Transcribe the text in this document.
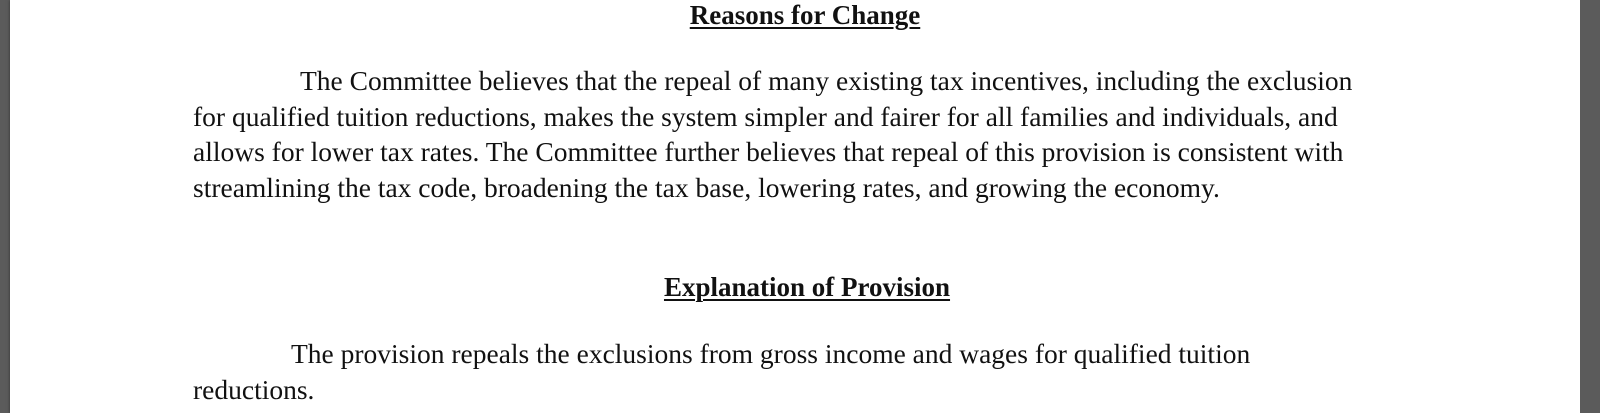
Reasons for Change

The Committee believes that the repeal of many existing tax incentives, including the exclusion for qualified tuition reductions, makes the system simpler and fairer for all families and individuals, and allows for lower tax rates. The Committee further believes that repeal of this provision is consistent with streamlining the tax code, broadening the tax base, lowering rates, and growing the economy.

Explanation of Provision

The provision repeals the exclusions from gross income and wages for qualified tuition reductions.
